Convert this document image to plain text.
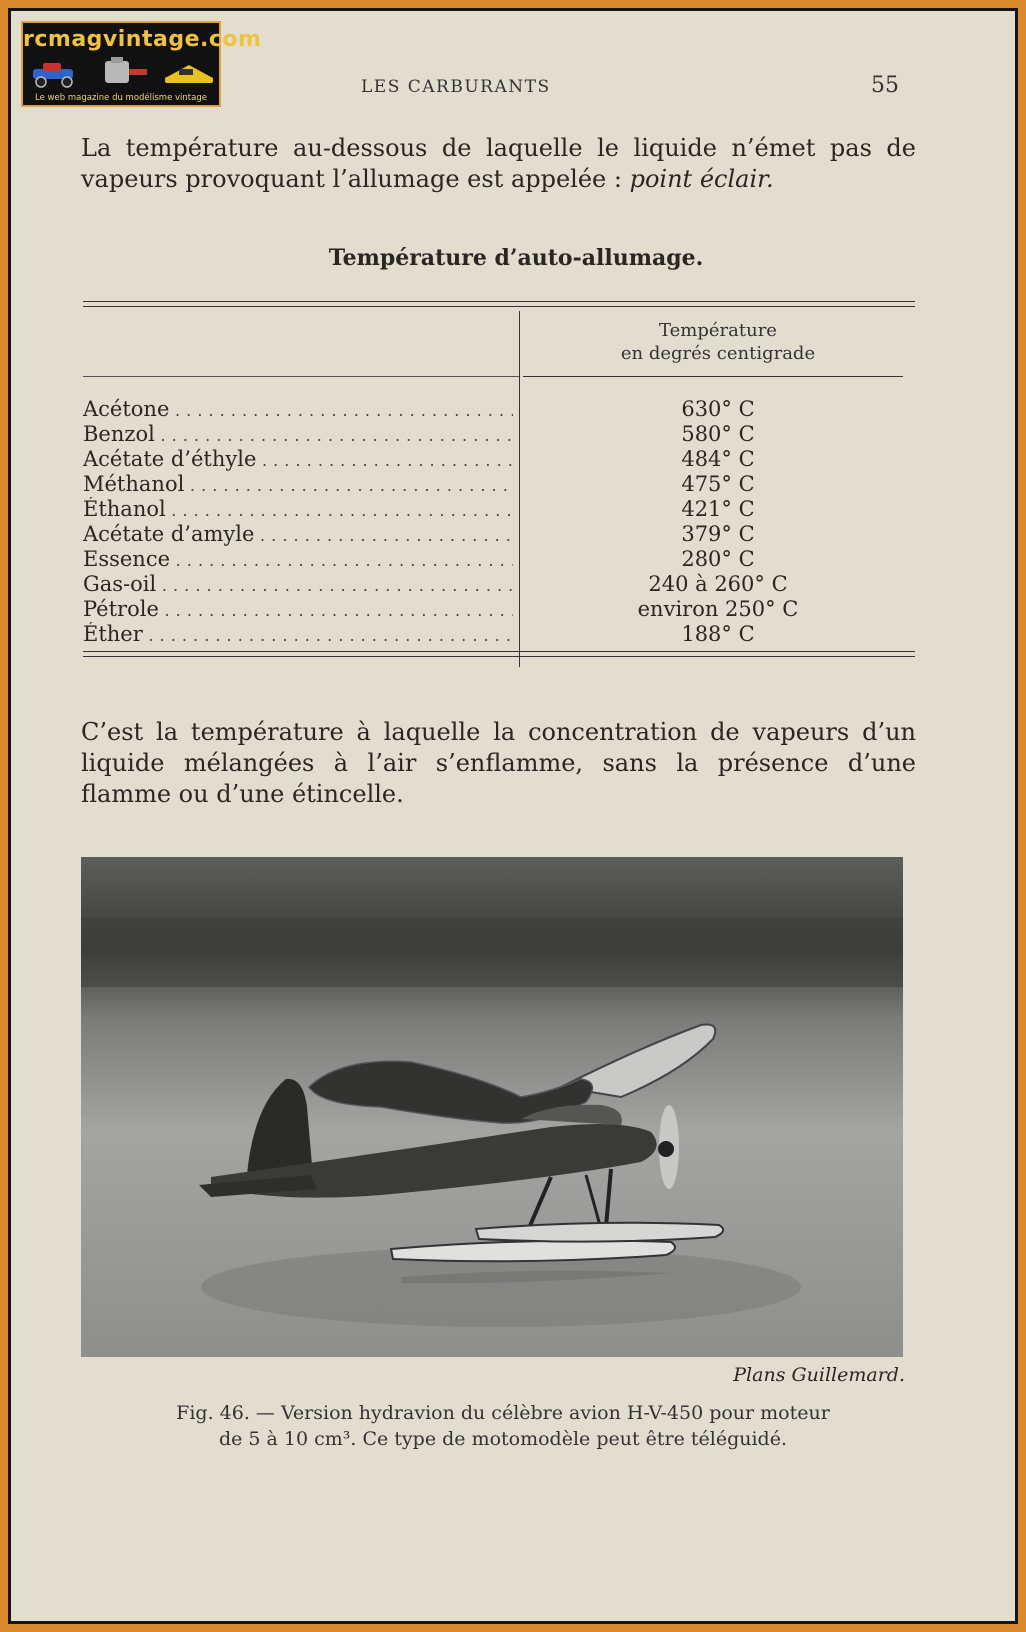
rcmagvintage.com
Le web magazine du modélisme vintage
LES CARBURANTS	55
La température au-dessous de laquelle le liquide n’émet pas de vapeurs provoquant l’allumage est appelée : point éclair.
Température d’auto-allumage.
Température
en degrés centigrade
Acétone . . .	630° C
Benzol . . .	580° C
Acétate d’éthyle . . .	484° C
Méthanol . . .	475° C
Éthanol . . .	421° C
Acétate d’amyle . . .	379° C
Essence . . .	280° C
Gas-oil . . .	240 à 260° C
Pétrole . . .	environ 250° C
Éther . . .	188° C
C’est la température à laquelle la concentration de vapeurs d’un liquide mélangées à l’air s’enflamme, sans la présence d’une flamme ou d’une étincelle.
Plans Guillemard.
Fig. 46. — Version hydravion du célèbre avion H-V-450 pour moteur
de 5 à 10 cm³. Ce type de motomodèle peut être téléguidé.
